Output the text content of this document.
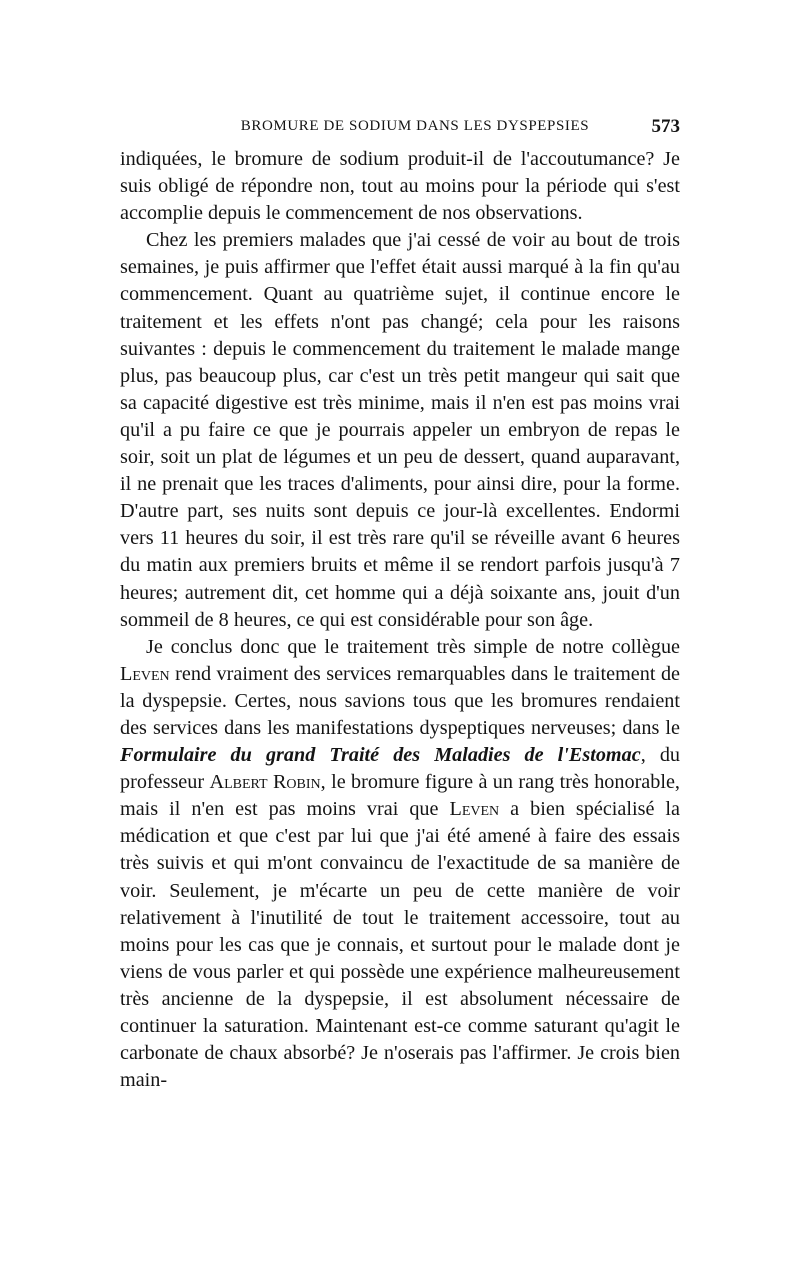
BROMURE DE SODIUM DANS LES DYSPEPSIES	573

indiquées, le bromure de sodium produit-il de l'accoutumance? Je suis obligé de répondre non, tout au moins pour la période qui s'est accomplie depuis le commencement de nos observations.

Chez les premiers malades que j'ai cessé de voir au bout de trois semaines, je puis affirmer que l'effet était aussi marqué à la fin qu'au commencement. Quant au quatrième sujet, il continue encore le traitement et les effets n'ont pas changé; cela pour les raisons suivantes : depuis le commencement du traitement le malade mange plus, pas beaucoup plus, car c'est un très petit mangeur qui sait que sa capacité digestive est très minime, mais il n'en est pas moins vrai qu'il a pu faire ce que je pourrais appeler un embryon de repas le soir, soit un plat de légumes et un peu de dessert, quand auparavant, il ne prenait que les traces d'aliments, pour ainsi dire, pour la forme. D'autre part, ses nuits sont depuis ce jour-là excellentes. Endormi vers 11 heures du soir, il est très rare qu'il se réveille avant 6 heures du matin aux premiers bruits et même il se rendort parfois jusqu'à 7 heures; autrement dit, cet homme qui a déjà soixante ans, jouit d'un sommeil de 8 heures, ce qui est considérable pour son âge.

Je conclus donc que le traitement très simple de notre collègue Leven rend vraiment des services remarquables dans le traitement de la dyspepsie. Certes, nous savions tous que les bromures rendaient des services dans les manifestations dyspeptiques nerveuses; dans le Formulaire du grand Traité des Maladies de l'Estomac, du professeur Albert Robin, le bromure figure à un rang très honorable, mais il n'en est pas moins vrai que Leven a bien spécialisé la médication et que c'est par lui que j'ai été amené à faire des essais très suivis et qui m'ont convaincu de l'exactitude de sa manière de voir. Seulement, je m'écarte un peu de cette manière de voir relativement à l'inutilité de tout le traitement accessoire, tout au moins pour les cas que je connais, et surtout pour le malade dont je viens de vous parler et qui possède une expérience malheureusement très ancienne de la dyspepsie, il est absolument nécessaire de continuer la saturation. Maintenant est-ce comme saturant qu'agit le carbonate de chaux absorbé? Je n'oserais pas l'affirmer. Je crois bien main-
